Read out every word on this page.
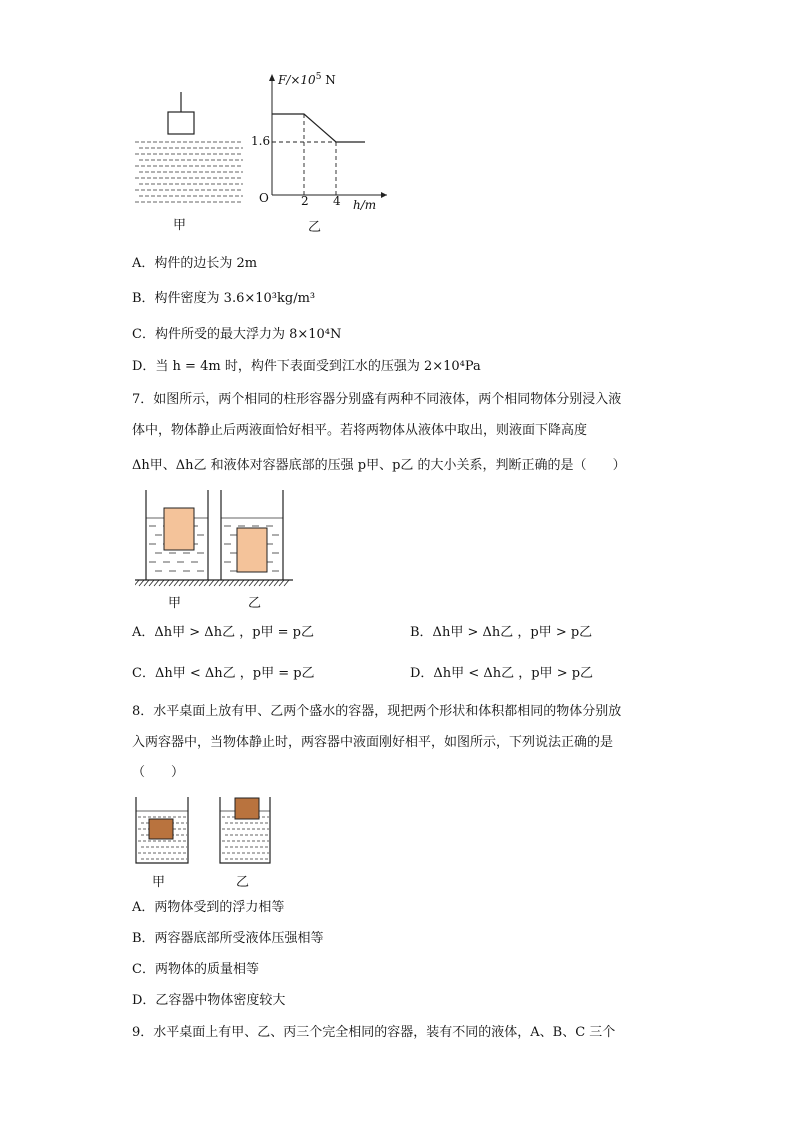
$F/\times 10^5$ N
1.6
O	2 4 h/m
甲	乙
A．构件的边长为 2m
B．构件密度为 3.6×10³kg/m³
C．构件所受的最大浮力为 8×10⁴N
D．当 h = 4m 时，构件下表面受到江水的压强为 2×10⁴Pa
7．如图所示，两个相同的柱形容器分别盛有两种不同液体，两个相同物体分别浸入液
体中，物体静止后两液面恰好相平。若将两物体从液体中取出，则液面下降高度
Δh甲、Δh乙 和液体对容器底部的压强 p甲、p乙 的大小关系，判断正确的是（　　）
甲	乙
A．Δh甲 > Δh乙 ，p甲 = p乙	B．Δh甲 > Δh乙 ，p甲 > p乙
C．Δh甲 < Δh乙 ，p甲 = p乙	D．Δh甲 < Δh乙 ，p甲 > p乙
8．水平桌面上放有甲、乙两个盛水的容器，现把两个形状和体积都相同的物体分别放
入两容器中，当物体静止时，两容器中液面刚好相平，如图所示，下列说法正确的是
（　　）
甲	乙
A．两物体受到的浮力相等
B．两容器底部所受液体压强相等
C．两物体的质量相等
D．乙容器中物体密度较大
9．水平桌面上有甲、乙、丙三个完全相同的容器，装有不同的液体，A、B、C 三个
